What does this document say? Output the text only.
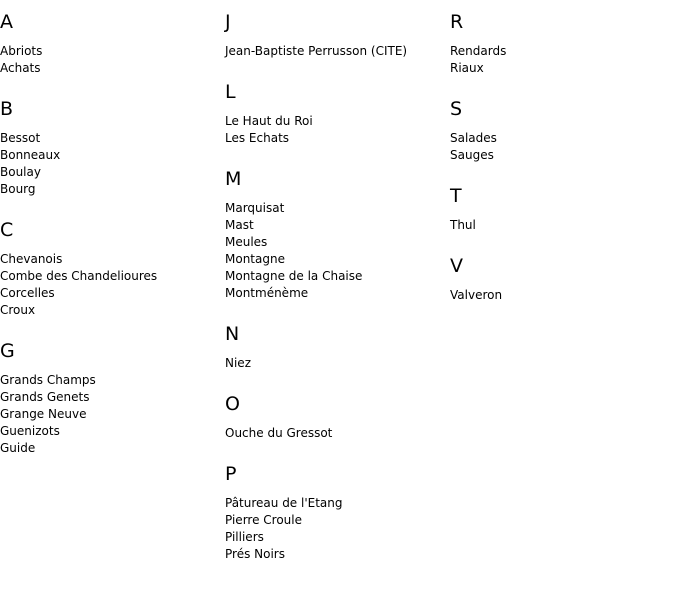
A
Abriots
Achats
B
Bessot
Bonneaux
Boulay
Bourg
C
Chevanois
Combe des Chandelioures
Corcelles
Croux
G
Grands Champs
Grands Genets
Grange Neuve
Guenizots
Guide
J
Jean-Baptiste Perrusson (CITE)
L
Le Haut du Roi
Les Echats
M
Marquisat
Mast
Meules
Montagne
Montagne de la Chaise
Montménème
N
Niez
O
Ouche du Gressot
P
Pâtureau de l'Etang
Pierre Croule
Pilliers
Prés Noirs
R
Rendards
Riaux
S
Salades
Sauges
T
Thul
V
Valveron
